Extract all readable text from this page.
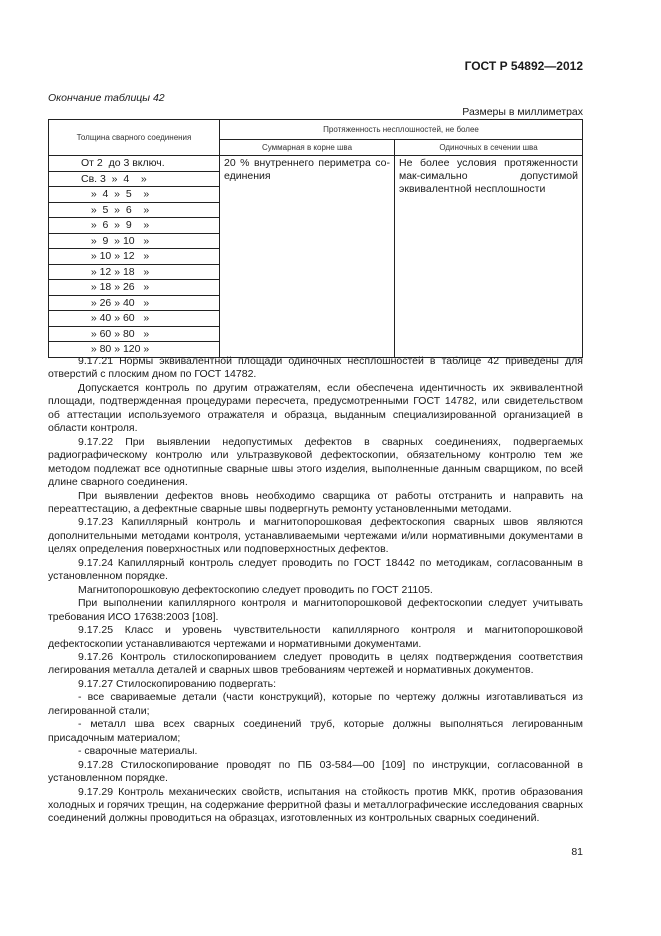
ГОСТ Р 54892—2012
Окончание таблицы 42
Размеры в миллиметрах
Толщина сварного соединения	Протяженность несплошностей, не более	
	Суммарная в корне шва	Одиночных в сечении шва
От 2  до 3 включ.	20 % внутреннего периметра со-единения	Не более условия протяженности мак-симально допустимой эквивалентной несплошности
Св. 3  »  4    »		
»  4  »  5    »		
»  5  »  6    »		
»  6  »  9    »		
»  9  » 10   »		
» 10 » 12   »		
» 12 » 18   »		
» 18 » 26   »		
» 26 » 40   »		
» 40 » 60   »		
» 60 » 80   »		
» 80 » 120 »		

9.17.21 Нормы эквивалентной площади одиночных несплошностей в таблице 42 приведены для отверстий с плоским дном по ГОСТ 14782.

Допускается контроль по другим отражателям, если обеспечена идентичность их эквивалентной площади, подтвержденная процедурами пересчета, предусмотренными ГОСТ 14782, или свидетельством об аттестации используемого отражателя и образца, выданным специализированной организацией в области контроля.

9.17.22 При выявлении недопустимых дефектов в сварных соединениях, подвергаемых радиографическому контролю или ультразвуковой дефектоскопии, обязательному контролю тем же методом подлежат все однотипные сварные швы этого изделия, выполненные данным сварщиком, по всей длине сварного соединения.

При выявлении дефектов вновь необходимо сварщика от работы отстранить и направить на переаттестацию, а дефектные сварные швы подвергнуть ремонту установленными методами.

9.17.23 Капиллярный контроль и магнитопорошковая дефектоскопия сварных швов являются дополнительными методами контроля, устанавливаемыми чертежами и/или нормативными документами в целях определения поверхностных или подповерхностных дефектов.

9.17.24 Капиллярный контроль следует проводить по ГОСТ 18442 по методикам, согласованным в установленном порядке.

Магнитопорошковую дефектоскопию следует проводить по ГОСТ 21105.

При выполнении капиллярного контроля и магнитопорошковой дефектоскопии следует учитывать требования ИСО 17638:2003 [108].

9.17.25 Класс и уровень чувствительности капиллярного контроля и магнитопорошковой дефектоскопии устанавливаются чертежами и нормативными документами.

9.17.26 Контроль стилоскопированием следует проводить в целях подтверждения соответствия легирования металла деталей и сварных швов требованиям чертежей и нормативных документов.

9.17.27 Стилоскопированию подвергать:

- все свариваемые детали (части конструкций), которые по чертежу должны изготавливаться из легированной стали;

- металл шва всех сварных соединений труб, которые должны выполняться легированным присадочным материалом;

- сварочные материалы.

9.17.28 Стилоскопирование проводят по ПБ 03-584—00 [109] по инструкции, согласованной в установленном порядке.

9.17.29 Контроль механических свойств, испытания на стойкость против МКК, против образования холодных и горячих трещин, на содержание ферритной фазы и металлографические исследования сварных соединений должны проводиться на образцах, изготовленных из контрольных сварных соединений.

81
